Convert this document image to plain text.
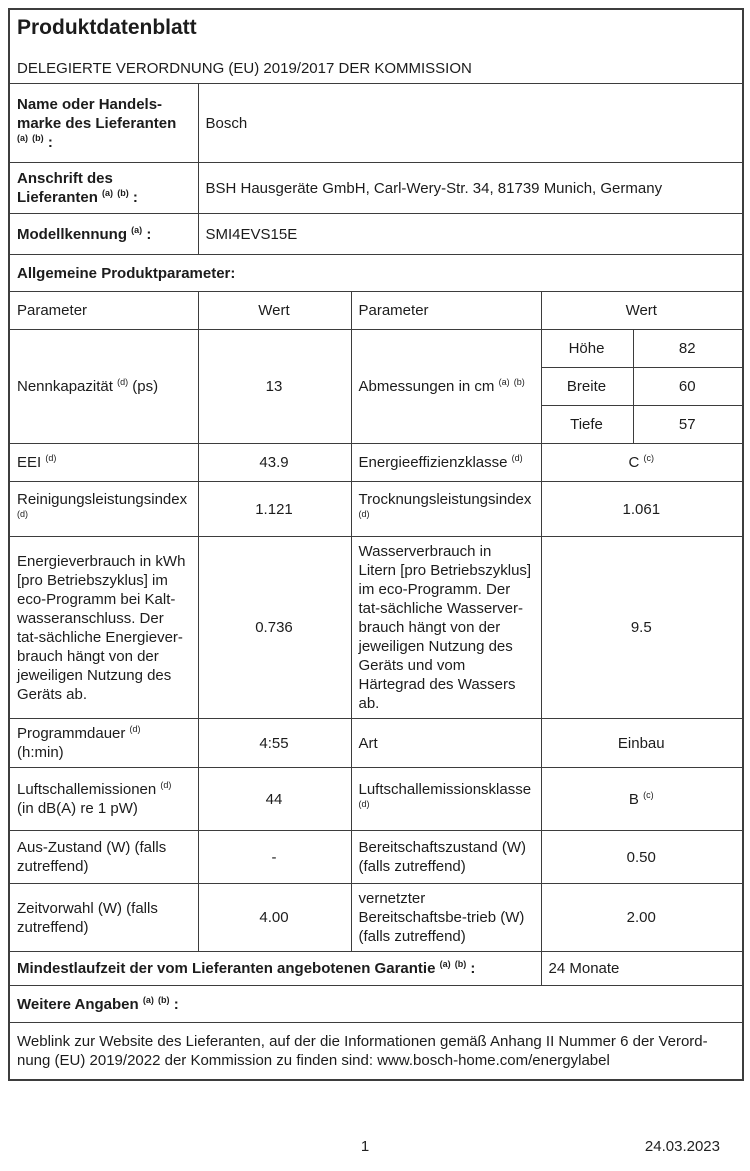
Produktdatenblatt

DELEGIERTE VERORDNUNG (EU) 2019/2017 DER KOMMISSION

Name oder Handels-marke des Lieferanten $^{(a)}$ $^{(b)}$ :	Bosch			
Anschrift des Lieferanten $^{(a)}$ $^{(b)}$ :	BSH Hausgeräte GmbH, Carl-Wery-Str. 34, 81739 Munich, Germany			
Modellkennung $^{(a)}$ :	SMI4EVS15E			
Allgemeine Produktparameter:				
Parameter	Wert	Parameter	Wert	
Nennkapazität $^{(d)}$ (ps)	13	Abmessungen in cm $^{(a)}$ $^{(b)}$	Höhe	82
			Breite	60
			Tiefe	57
EEI $^{(d)}$	43.9	Energieeffizienzklasse $^{(d)}$	C $^{(c)}$
Reinigungsleistungsindex $^{(d)}$	1.121	Trocknungsleistungsindex $^{(d)}$	1.061	
Energieverbrauch in kWh [pro Betriebszyklus] im eco-Programm bei Kalt-wasseranschluss. Der tat-sächliche Energiever-brauch hängt von der jeweiligen Nutzung des Geräts ab.	0.736	Wasserverbrauch in Litern [pro Betriebszyklus] im eco-Programm. Der tat-sächliche Wasserver-brauch hängt von der jeweiligen Nutzung des Geräts und vom Härtegrad des Wassers ab.	9.5	
Programmdauer $^{(d)}$ (h:min)	4:55	Art	Einbau	
Luftschallemissionen $^{(d)}$ (in dB(A) re 1 pW)	44	Luftschallemissionsklasse $^{(d)}$	B $^{(c)}$
Aus-Zustand (W) (falls zutreffend)	-	Bereitschaftszustand (W) (falls zutreffend)	0.50	
Zeitvorwahl (W) (falls zutreffend)	4.00	vernetzter Bereitschaftsbe-trieb (W) (falls zutreffend)	2.00	
Mindestlaufzeit der vom Lieferanten angebotenen Garantie $^{(a)}$ $^{(b)}$ :			24 Monate	
Weitere Angaben $^{(a)}$ $^{(b)}$ :				
Weblink zur Website des Lieferanten, auf der die Informationen gemäß Anhang II Nummer 6 der Verord-nung (EU) 2019/2022 der Kommission zu finden sind: www.bosch-home.com/energylabel				
1	24.03.2023
